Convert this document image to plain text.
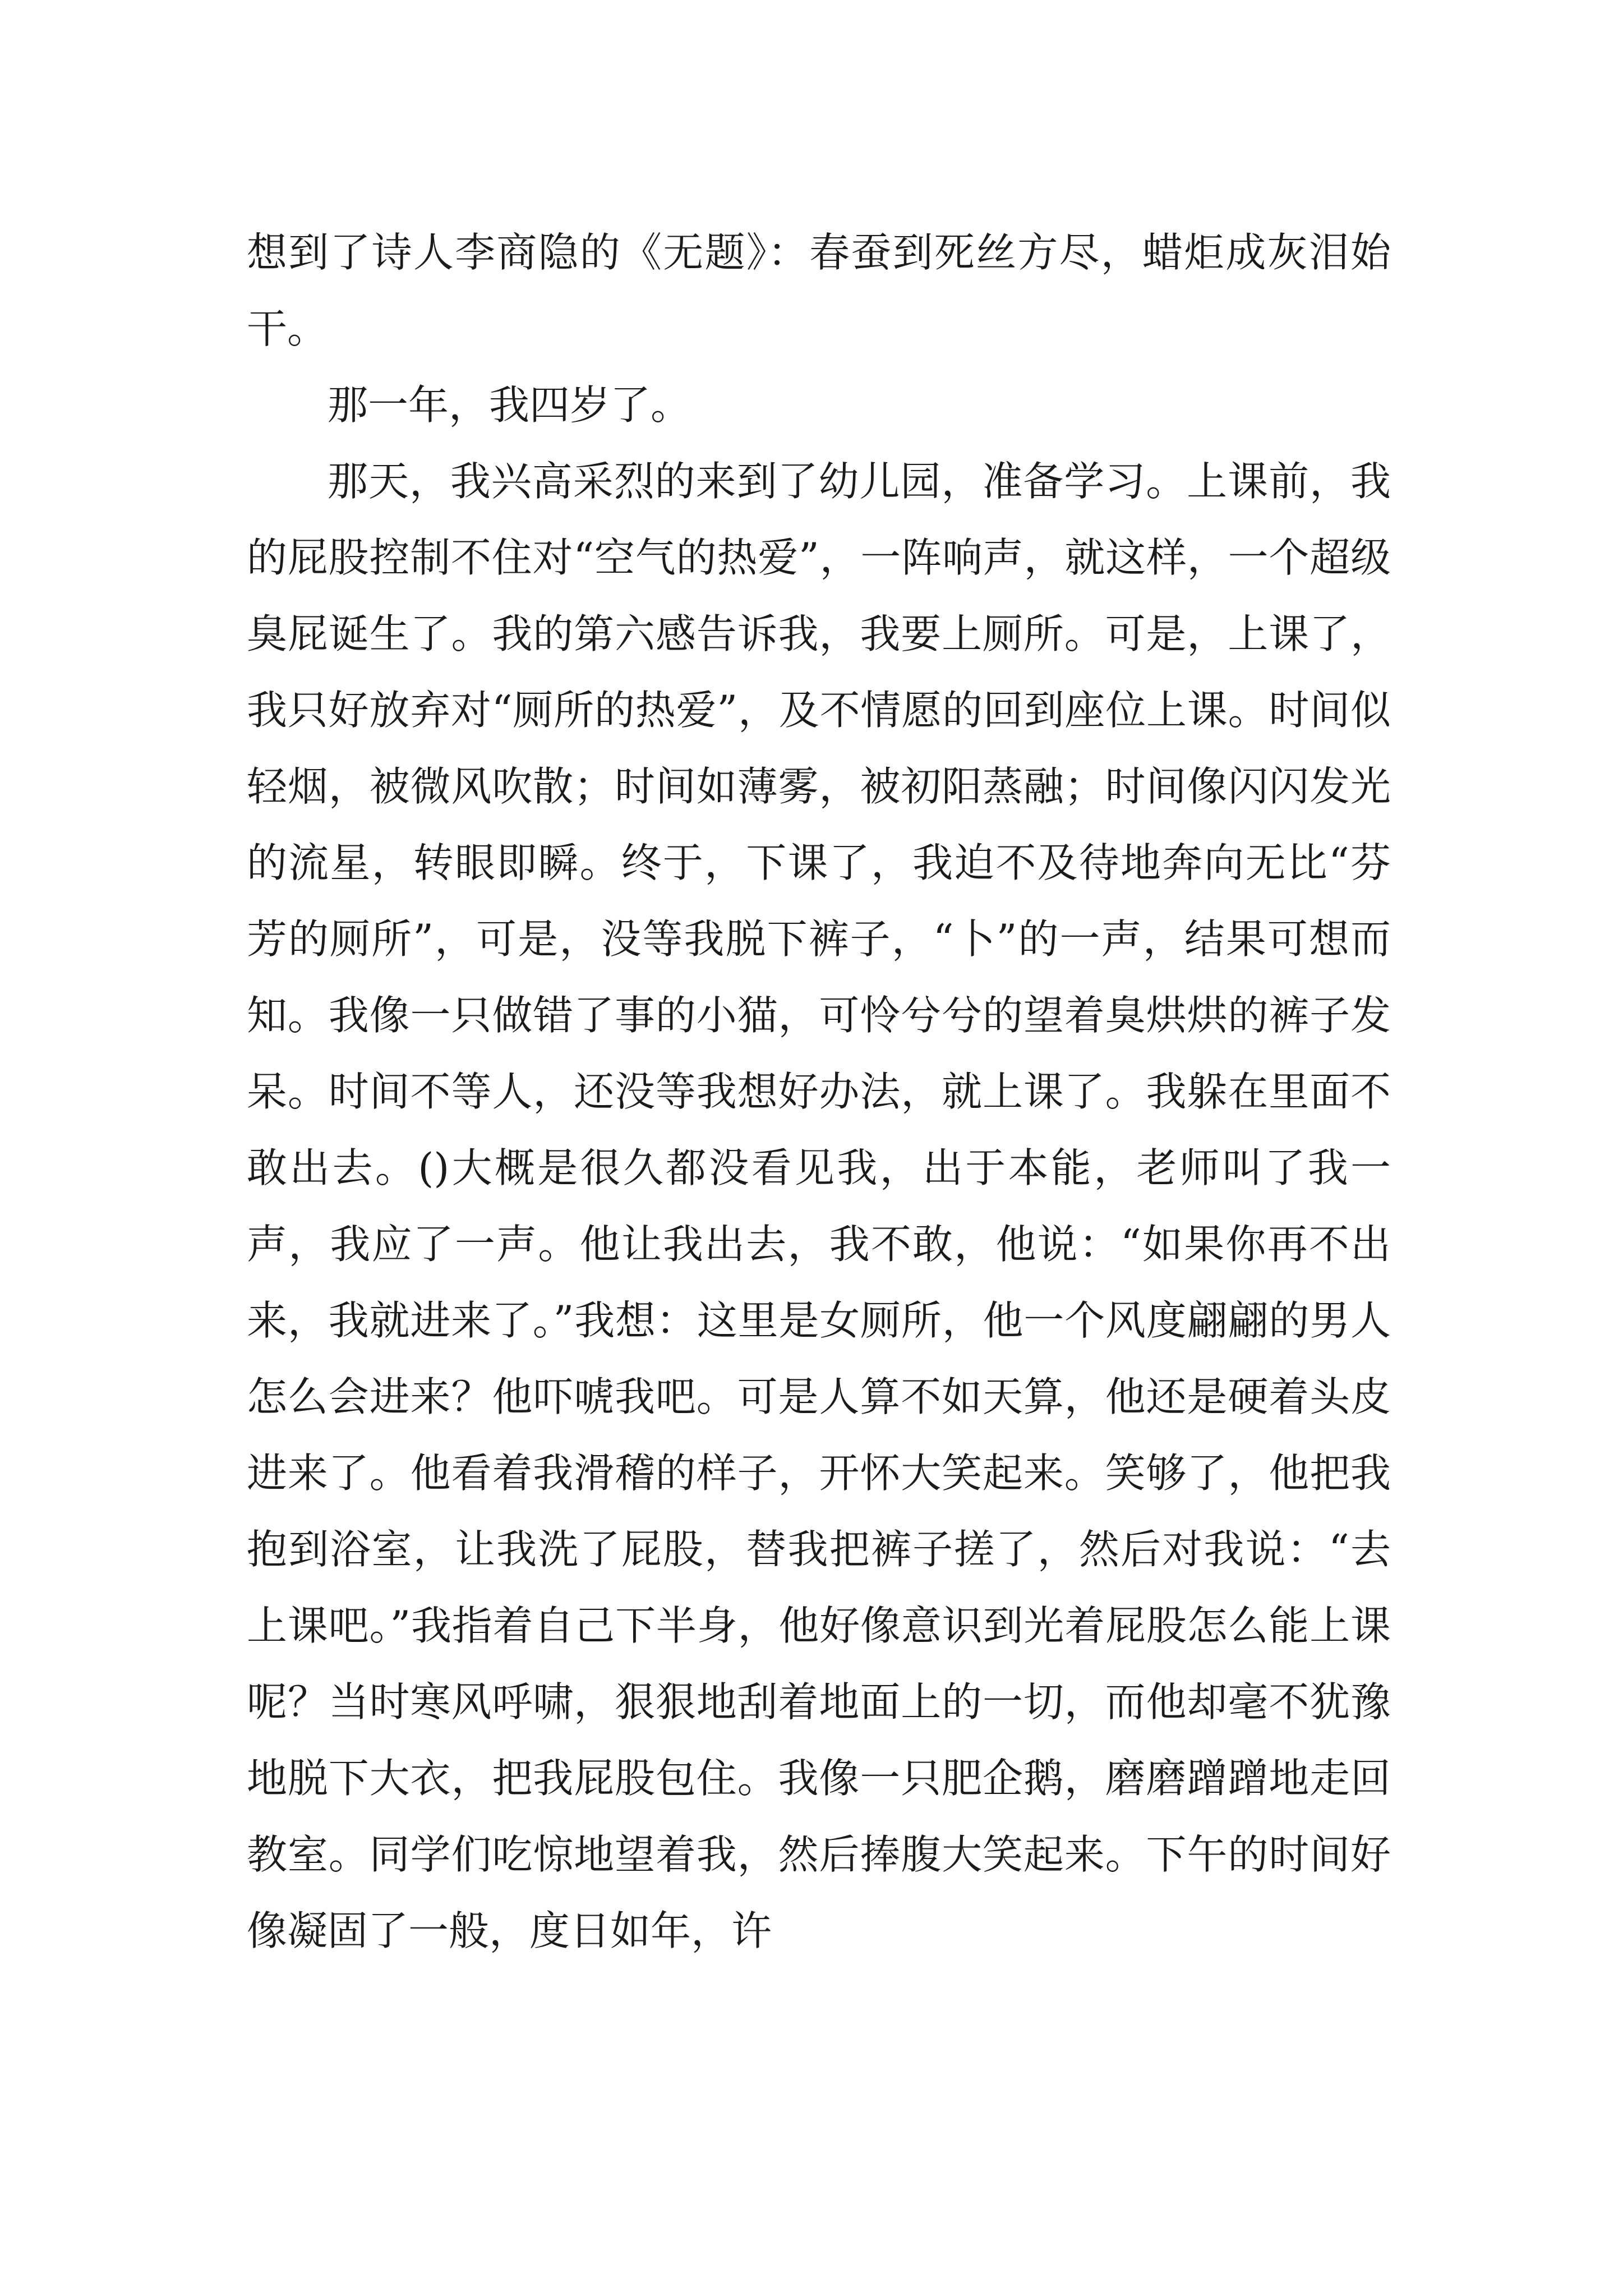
想到了诗人李商隐的《无题》：春蚕到死丝方尽，蜡炬成灰泪始干。

那一年，我四岁了。

那天，我兴高采烈的来到了幼儿园，准备学习。上课前，我的屁股控制不住对“空气的热爱”，一阵响声，就这样，一个超级臭屁诞生了。我的第六感告诉我，我要上厕所。可是，上课了，我只好放弃对“厕所的热爱”，及不情愿的回到座位上课。时间似轻烟，被微风吹散；时间如薄雾，被初阳蒸融；时间像闪闪发光的流星，转眼即瞬。终于，下课了，我迫不及待地奔向无比“芬芳的厕所”，可是，没等我脱下裤子，“卜”的一声，结果可想而知。我像一只做错了事的小猫，可怜兮兮的望着臭烘烘的裤子发呆。时间不等人，还没等我想好办法，就上课了。我躲在里面不敢出去。()大概是很久都没看见我，出于本能，老师叫了我一声，我应了一声。他让我出去，我不敢，他说：“如果你再不出来，我就进来了。”我想：这里是女厕所，他一个风度翩翩的男人怎么会进来？他吓唬我吧。可是人算不如天算，他还是硬着头皮进来了。他看着我滑稽的样子，开怀大笑起来。笑够了，他把我抱到浴室，让我洗了屁股，替我把裤子搓了，然后对我说：“去上课吧。”我指着自己下半身，他好像意识到光着屁股怎么能上课呢？当时寒风呼啸，狠狠地刮着地面上的一切，而他却毫不犹豫地脱下大衣，把我屁股包住。我像一只肥企鹅，磨磨蹭蹭地走回教室。同学们吃惊地望着我，然后捧腹大笑起来。下午的时间好像凝固了一般，度日如年，许
